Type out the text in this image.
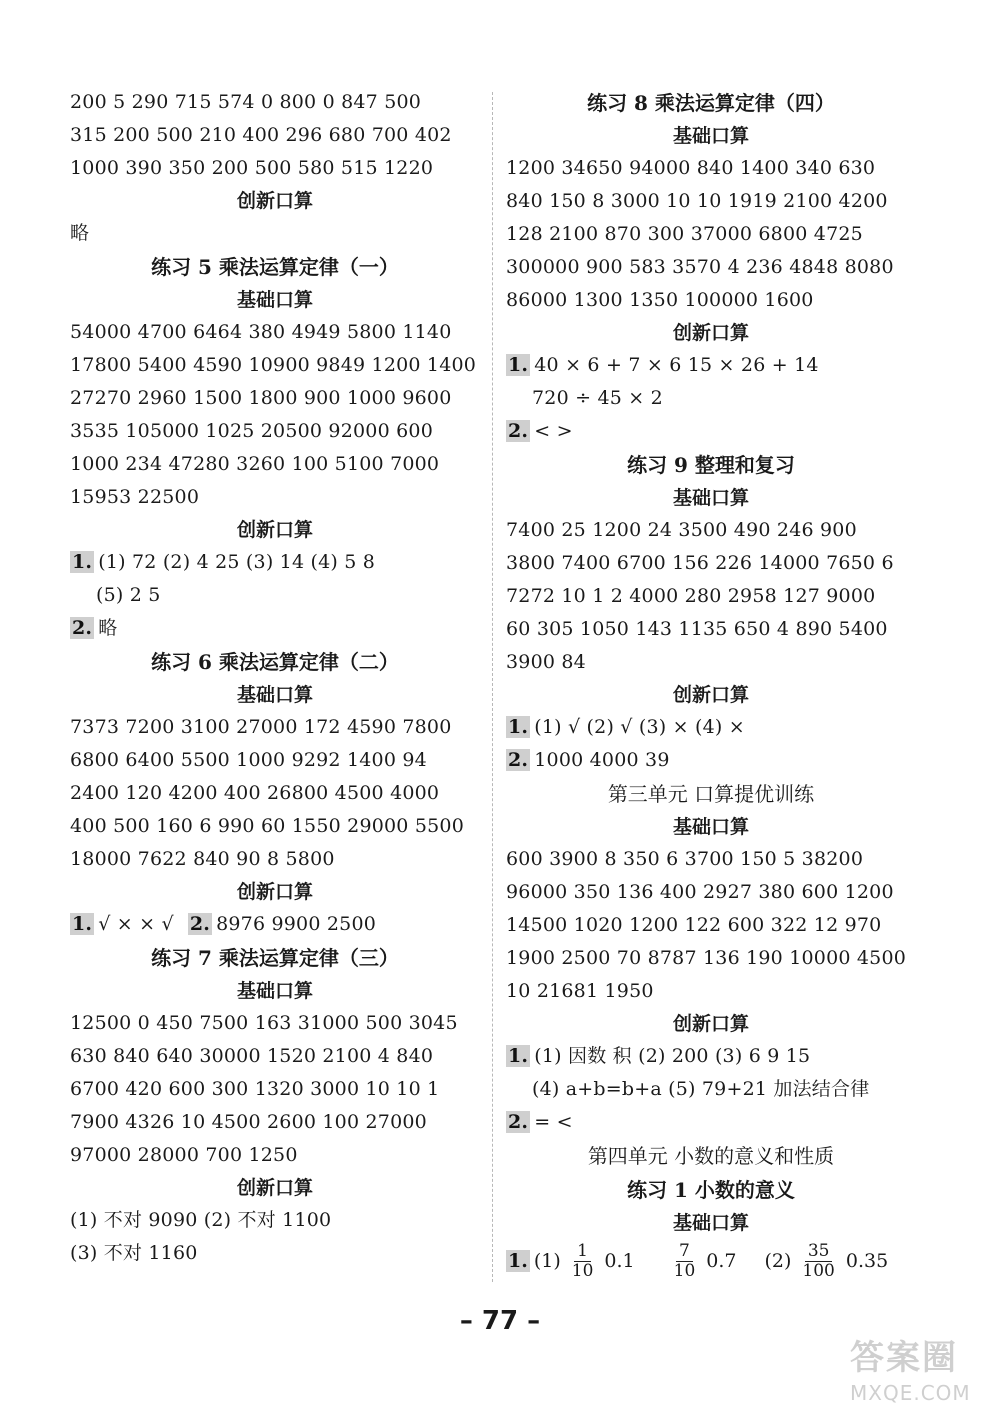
200 5 290 715 574 0 800 0 847 500
315 200 500 210 400 296 680 700 402
1000 390 350 200 500 580 515 1220
创新口算
略
练习 5 乘法运算定律（一）
基础口算
54000 4700 6464 380 4949 5800 1140
17800 5400 4590 10900 9849 1200 1400
27270 2960 1500 1800 900 1000 9600
3535 105000 1025 20500 92000 600
1000 234 47280 3260 100 5100 7000
15953 22500
创新口算
1. (1) 72 (2) 4 25 (3) 14 (4) 5 8
(5) 2 5
2. 略
练习 6 乘法运算定律（二）
基础口算
7373 7200 3100 27000 172 4590 7800
6800 6400 5500 1000 9292 1400 94
2400 120 4200 400 26800 4500 4000
400 500 160 6 990 60 1550 29000 5500
18000 7622 840 90 8 5800
创新口算
1. √ × × √ 2. 8976 9900 2500
练习 7 乘法运算定律（三）
基础口算
12500 0 450 7500 163 31000 500 3045
630 840 640 30000 1520 2100 4 840
6700 420 600 300 1320 3000 10 10 1
7900 4326 10 4500 2600 100 27000
97000 28000 700 1250
创新口算
(1) 不对 9090 (2) 不对 1100
(3) 不对 1160
练习 8 乘法运算定律（四）
基础口算
1200 34650 94000 840 1400 340 630
840 150 8 3000 10 10 1919 2100 4200
128 2100 870 300 37000 6800 4725
300000 900 583 3570 4 236 4848 8080
86000 1300 1350 100000 1600
创新口算
1. 40 × 6 + 7 × 6 15 × 26 + 14
720 ÷ 45 × 2
2. < >
练习 9 整理和复习
基础口算
7400 25 1200 24 3500 490 246 900
3800 7400 6700 156 226 14000 7650 6
7272 10 1 2 4000 280 2958 127 9000
60 305 1050 143 1135 650 4 890 5400
3900 84
创新口算
1. (1) √ (2) √ (3) × (4) ×
2. 1000 4000 39
第三单元 口算提优训练
基础口算
600 3900 8 350 6 3700 150 5 38200
96000 350 136 400 2927 380 600 1200
14500 1020 1200 122 600 322 12 970
1900 2500 70 8787 136 190 10000 4500
10 21681 1950
创新口算
1. (1) 因数 积 (2) 200 (3) 6 9 15
(4) a+b=b+a (5) 79+21 加法结合律
2. = <
第四单元 小数的意义和性质
练习 1 小数的意义
基础口算
1. $(1) \frac{1}{10} 0.1 \frac{7}{10} 0.7$ $(2) \frac{35}{100} 0.35$
– 77 –
答案圈
MXQE.COM
